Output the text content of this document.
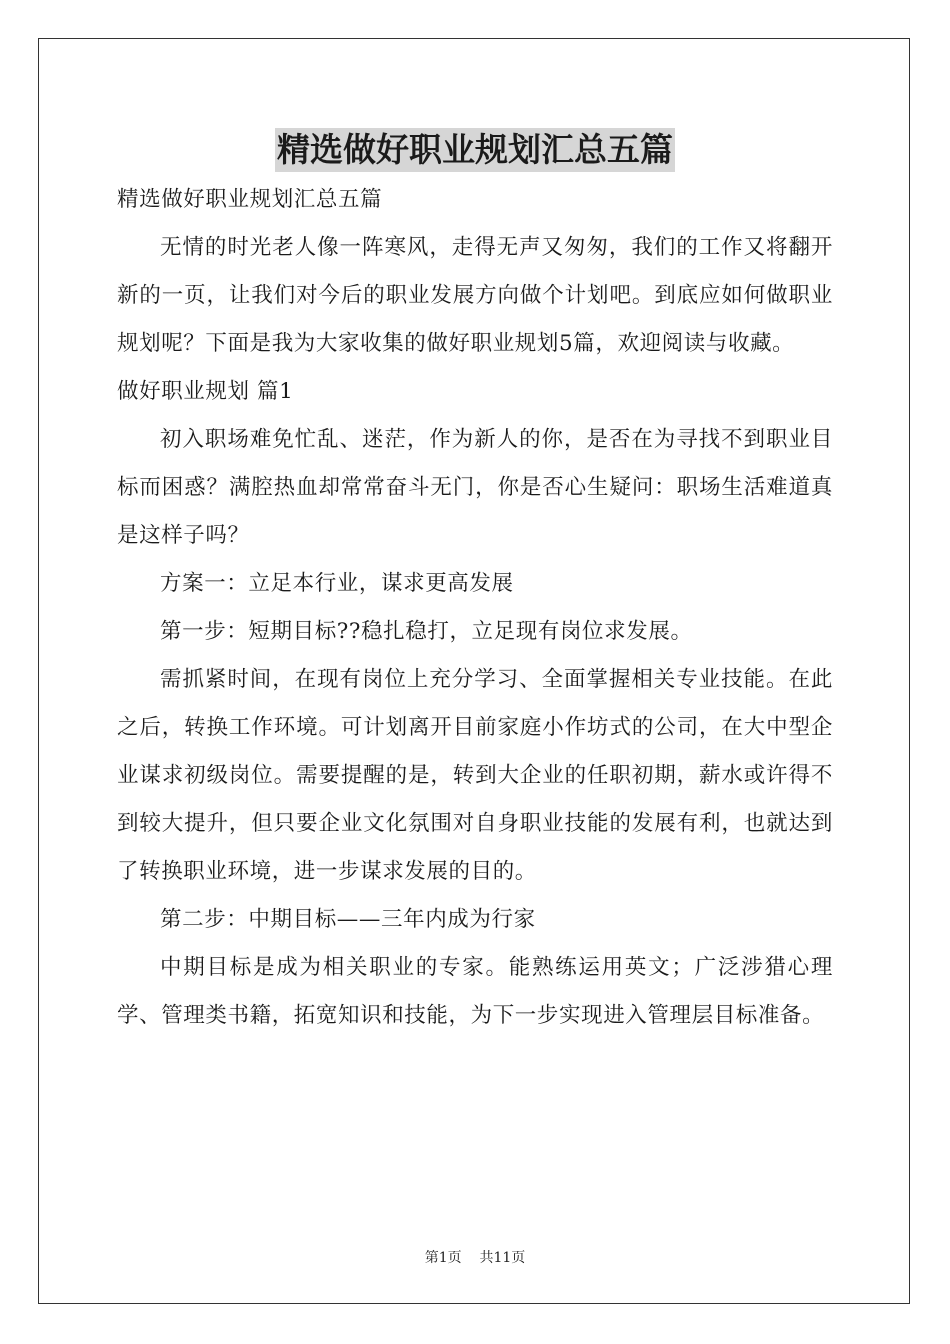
精选做好职业规划汇总五篇

精选做好职业规划汇总五篇

无情的时光老人像一阵寒风，走得无声又匆匆，我们的工作又将翻开新的一页，让我们对今后的职业发展方向做个计划吧。到底应如何做职业规划呢？下面是我为大家收集的做好职业规划5篇，欢迎阅读与收藏。

做好职业规划 篇1

初入职场难免忙乱、迷茫，作为新人的你，是否在为寻找不到职业目标而困惑？满腔热血却常常奋斗无门，你是否心生疑问：职场生活难道真是这样子吗？

方案一：立足本行业，谋求更高发展

第一步：短期目标??稳扎稳打，立足现有岗位求发展。

需抓紧时间，在现有岗位上充分学习、全面掌握相关专业技能。在此之后，转换工作环境。可计划离开目前家庭小作坊式的公司，在大中型企业谋求初级岗位。需要提醒的是，转到大企业的任职初期，薪水或许得不到较大提升，但只要企业文化氛围对自身职业技能的发展有利，也就达到了转换职业环境，进一步谋求发展的目的。

第二步：中期目标——三年内成为行家

中期目标是成为相关职业的专家。能熟练运用英文；广泛涉猎心理学、管理类书籍，拓宽知识和技能，为下一步实现进入管理层目标准备。

第1页 共11页
